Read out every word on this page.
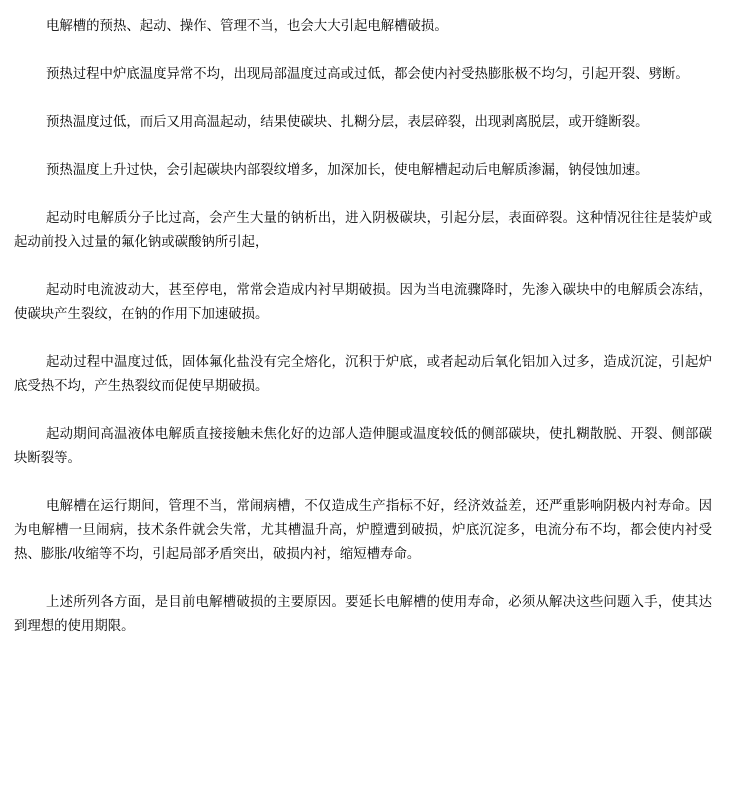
电解槽的预热、起动、操作、管理不当，也会大大引起电解槽破损。

预热过程中炉底温度异常不均，出现局部温度过高或过低，都会使内衬受热膨胀极不均匀，引起开裂、劈断。

预热温度过低，而后又用高温起动，结果使碳块、扎糊分层，表层碎裂，出现剥离脱层，或开缝断裂。

预热温度上升过快，会引起碳块内部裂纹增多，加深加长，使电解槽起动后电解质渗漏，钠侵蚀加速。

起动时电解质分子比过高，会产生大量的钠析出，进入阴极碳块，引起分层，表面碎裂。这种情况往往是装炉或起动前投入过量的氟化钠或碳酸钠所引起，

起动时电流波动大，甚至停电，常常会造成内衬早期破损。因为当电流骤降时，先渗入碳块中的电解质会冻结，使碳块产生裂纹，在钠的作用下加速破损。

起动过程中温度过低，固体氟化盐没有完全熔化，沉积于炉底，或者起动后氧化铝加入过多，造成沉淀，引起炉底受热不均，产生热裂纹而促使早期破损。

起动期间高温液体电解质直接接触未焦化好的边部人造伸腿或温度较低的侧部碳块，使扎糊散脱、开裂、侧部碳块断裂等。

电解槽在运行期间，管理不当，常闹病槽，不仅造成生产指标不好，经济效益差，还严重影响阴极内衬寿命。因为电解槽一旦闹病，技术条件就会失常，尤其槽温升高，炉膛遭到破损，炉底沉淀多，电流分布不均，都会使内衬受热、膨胀/收缩等不均，引起局部矛盾突出，破损内衬，缩短槽寿命。

上述所列各方面，是目前电解槽破损的主要原因。要延长电解槽的使用寿命，必须从解决这些问题入手，使其达到理想的使用期限。
